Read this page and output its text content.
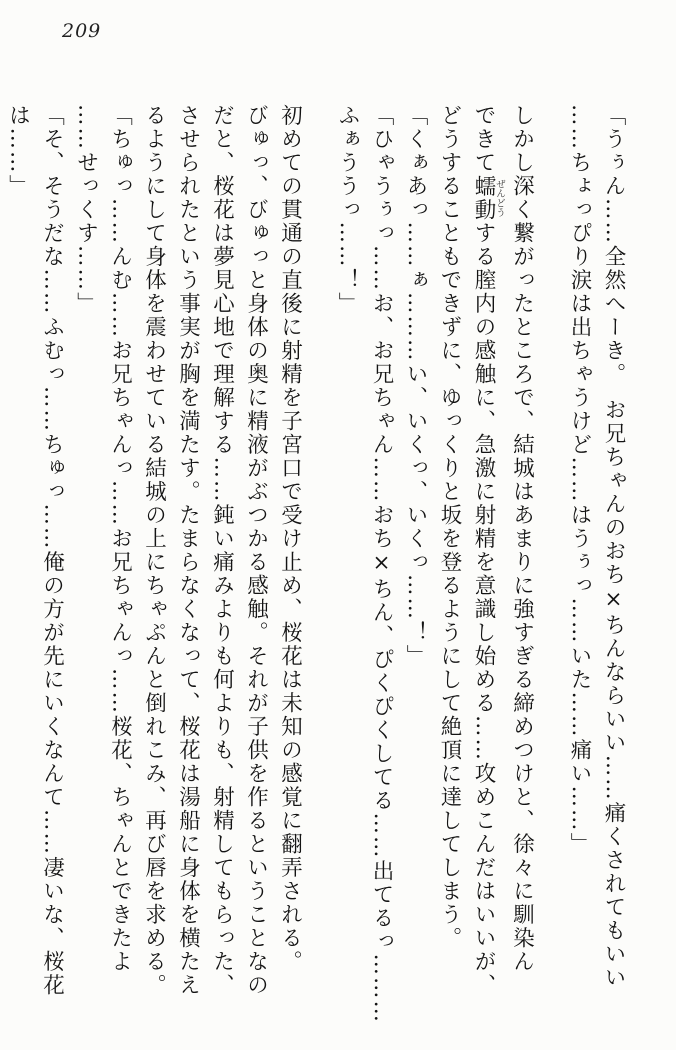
209

「うぅん……全然へーき。　お兄ちゃんのおち×ちんならいい……痛くされてもいい

……ちょっぴり涙は出ちゃうけど……はうぅっ……いた……痛い……」

しかし深く繋がったところで、結城はあまりに強すぎる締めつけと、徐々に馴染ん

できて蠕動ぜんどうする膣内の感触に、急激に射精を意識し始める……攻めこんだはいいが、

どうすることもできずに、ゆっくりと坂を登るようにして絶頂に達してしまう。

「くぁあっ……ぁ………い、いくっ、いくっ……！」

「ひゃうぅっ……お、お兄ちゃん……おち×ちん、ぴくぴくしてる……出てるっ………

ふぁううっ……！」

初めての貫通の直後に射精を子宮口で受け止め、桜花は未知の感覚に翻弄される。

びゅっ、びゅっと身体の奥に精液がぶつかる感触。それが子供を作るということなの

だと、桜花は夢見心地で理解する……鈍い痛みよりも何よりも、射精してもらった、

させられたという事実が胸を満たす。たまらなくなって、桜花は湯船に身体を横たえ

るようにして身体を震わせている結城の上にちゃぷんと倒れこみ、再び唇を求める。

「ちゅっ……んむ……お兄ちゃんっ……お兄ちゃんっ……桜花、ちゃんとできたよ

……せっくす……」

「そ、そうだな……ふむっ……ちゅっ……俺の方が先にいくなんて……凄いな、桜花

は……」
